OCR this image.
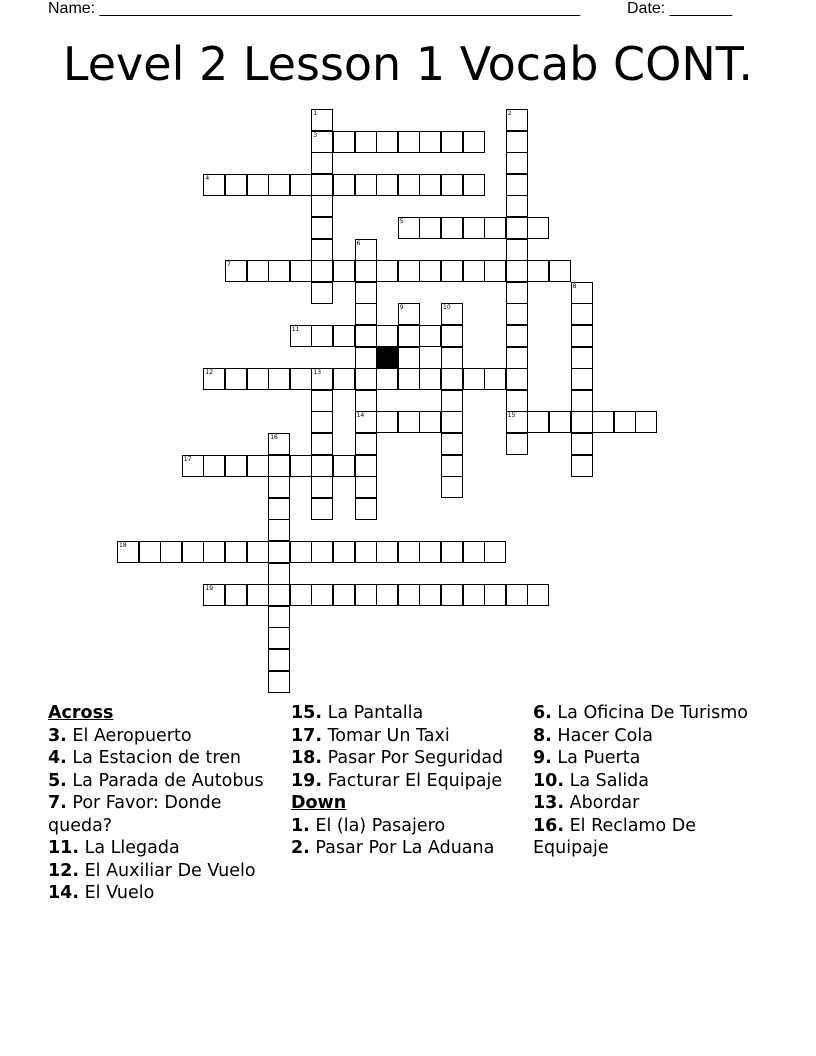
Name: ______________________________________________________	Date: _______
Level 2 Lesson 1 Vocab CONT.
1	2
3
4
5
6
7
8
9	10
11
12	13
14	15
16
17
18
19

Across

3. El Aeropuerto

4. La Estacion de tren

5. La Parada de Autobus

7. Por Favor: Donde queda?

11. La Llegada

12. El Auxiliar De Vuelo

14. El Vuelo

15. La Pantalla

17. Tomar Un Taxi

18. Pasar Por Seguridad

19. Facturar El Equipaje

Down

1. El (la) Pasajero

2. Pasar Por La Aduana

6. La Oficina De Turismo

8. Hacer Cola

9. La Puerta

10. La Salida

13. Abordar

16. El Reclamo De Equipaje
